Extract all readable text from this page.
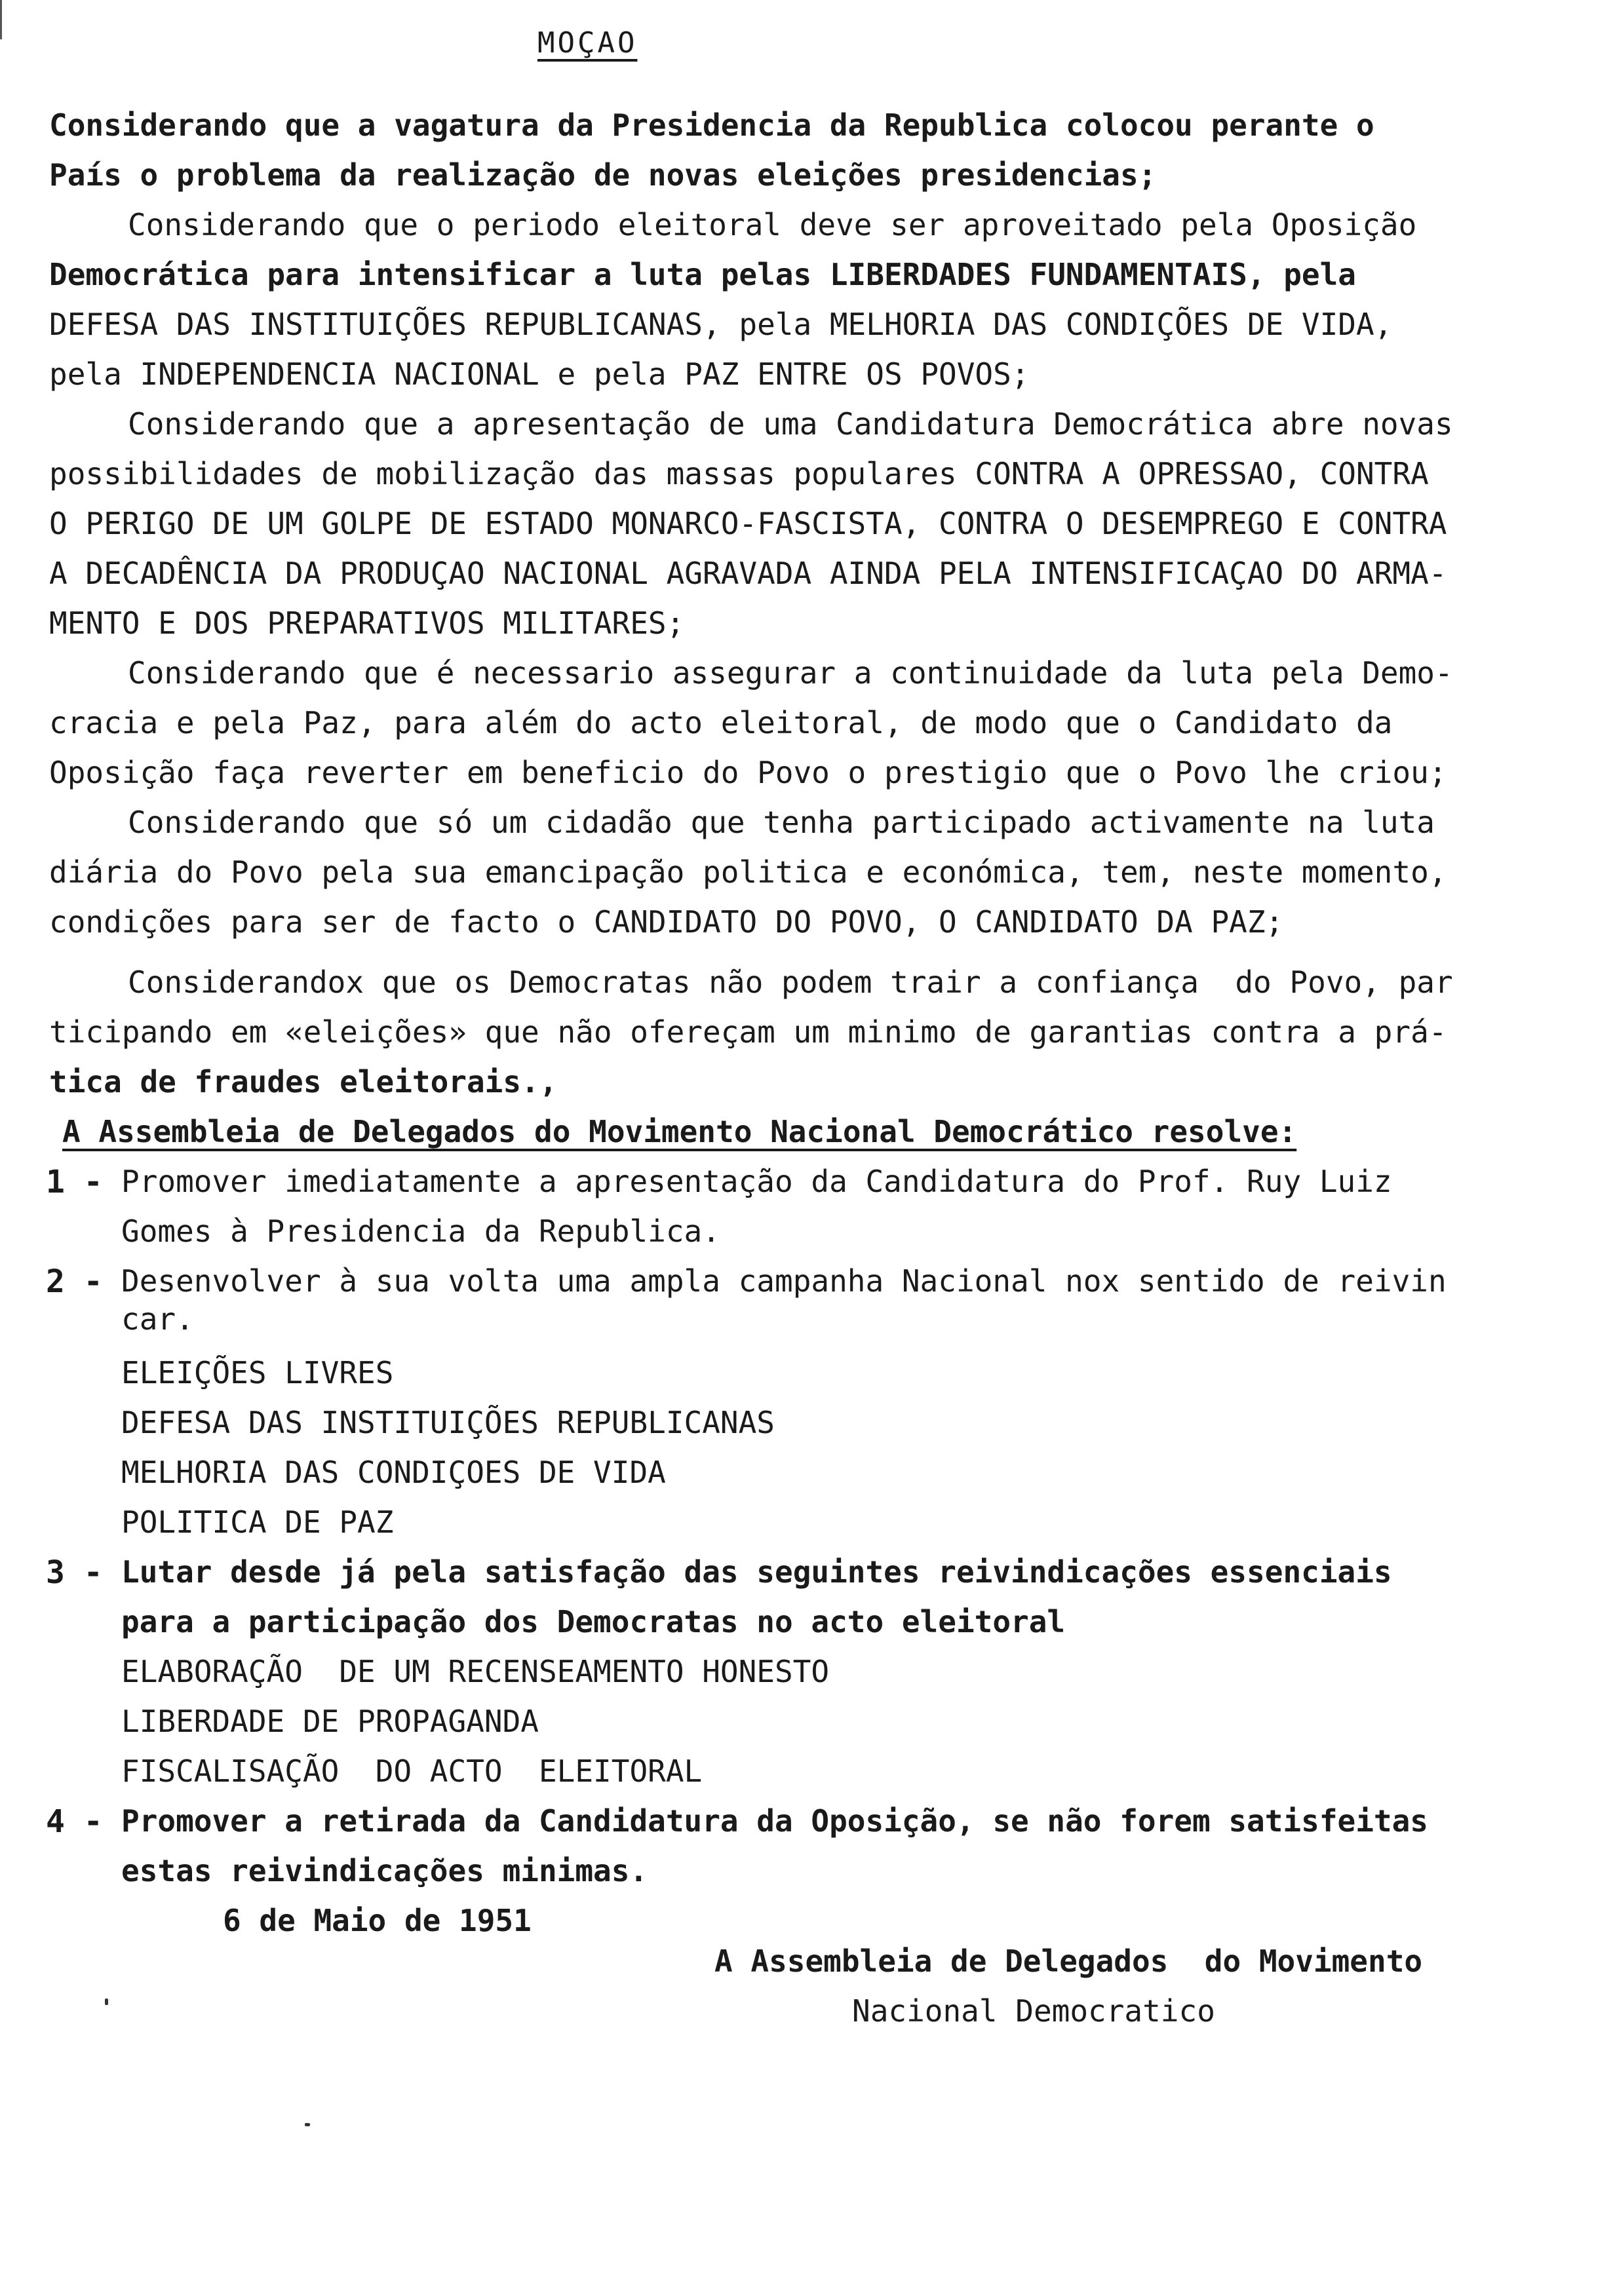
MOÇAO
Considerando que a vagatura da Presidencia da Republica colocou perante o
País o problema da realização de novas eleições presidencias;
Considerando que o periodo eleitoral deve ser aproveitado pela Oposição
Democrática para intensificar a luta pelas LIBERDADES FUNDAMENTAIS, pela
DEFESA DAS INSTITUIÇÕES REPUBLICANAS, pela MELHORIA DAS CONDIÇÕES DE VIDA,
pela INDEPENDENCIA NACIONAL e pela PAZ ENTRE OS POVOS;
Considerando que a apresentação de uma Candidatura Democrática abre novas
possibilidades de mobilização das massas populares CONTRA A OPRESSAO, CONTRA
O PERIGO DE UM GOLPE DE ESTADO MONARCO-FASCISTA, CONTRA O DESEMPREGO E CONTRA
A DECADÊNCIA DA PRODUÇAO NACIONAL AGRAVADA AINDA PELA INTENSIFICAÇAO DO ARMA-
MENTO E DOS PREPARATIVOS MILITARES;
Considerando que é necessario assegurar a continuidade da luta pela Demo-
cracia e pela Paz, para além do acto eleitoral, de modo que o Candidato da
Oposição faça reverter em beneficio do Povo o prestigio que o Povo lhe criou;
Considerando que só um cidadão que tenha participado activamente na luta
diária do Povo pela sua emancipação politica e económica, tem, neste momento,
condições para ser de facto o CANDIDATO DO POVO, O CANDIDATO DA PAZ;
Considerandox que os Democratas não podem trair a confiança  do Povo, par
ticipando em «eleições» que não ofereçam um minimo de garantias contra a prá-
tica de fraudes eleitorais.,
A Assembleia de Delegados do Movimento Nacional Democrático resolve:
1 - Promover imediatamente a apresentação da Candidatura do Prof. Ruy Luiz
Gomes à Presidencia da Republica.
2 - Desenvolver à sua volta uma ampla campanha Nacional nox sentido de reivin
car.
ELEIÇÕES LIVRES
DEFESA DAS INSTITUIÇÕES REPUBLICANAS
MELHORIA DAS CONDIÇOES DE VIDA
POLITICA DE PAZ
3 - Lutar desde já pela satisfação das seguintes reivindicações essenciais
para a participação dos Democratas no acto eleitoral
ELABORAÇÃO  DE UM RECENSEAMENTO HONESTO
LIBERDADE DE PROPAGANDA
FISCALISAÇÃO  DO ACTO  ELEITORAL
4 - Promover a retirada da Candidatura da Oposição, se não forem satisfeitas
estas reivindicações minimas.
6 de Maio de 1951
A Assembleia de Delegados  do Movimento
Nacional Democratico
